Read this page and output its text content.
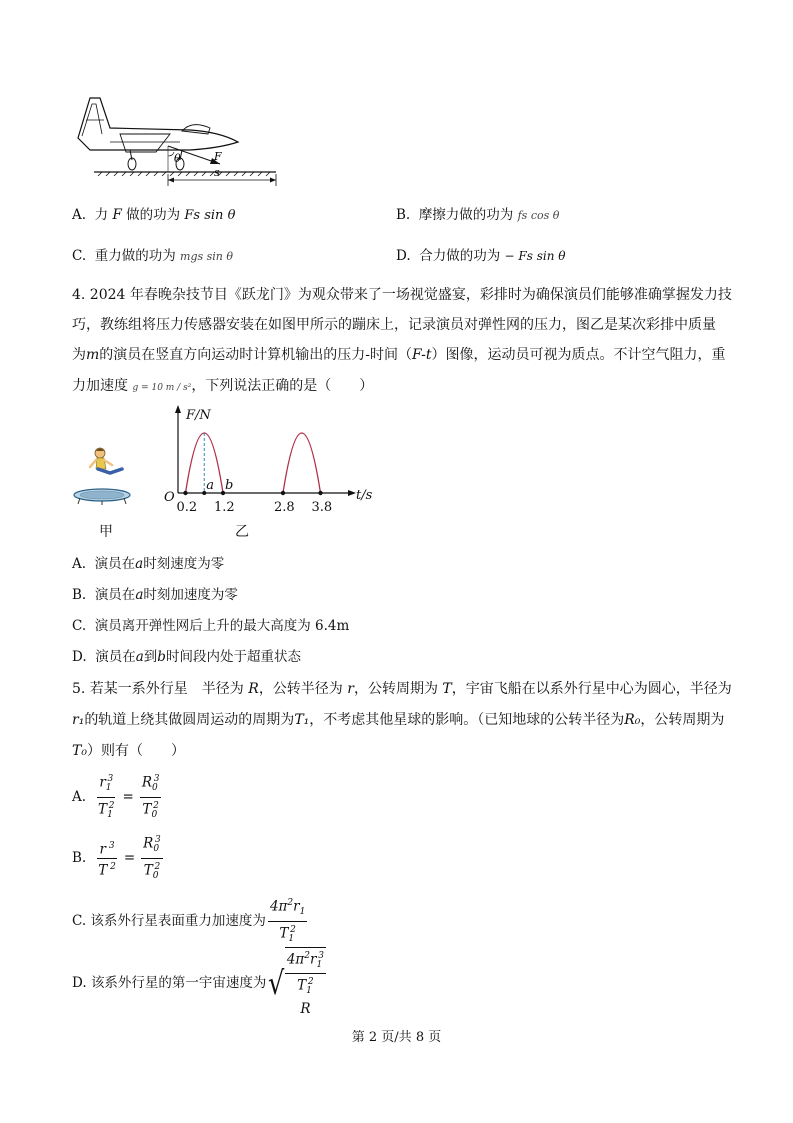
θ	F
s
A. 力 F 做的功为 Fs sin θ	B. 摩擦力做的功为 fs cos θ
C. 重力做的功为 mgs sin θ	D. 合力做的功为 − Fs sin θ
4. 2024 年春晚杂技节目《跃龙门》为观众带来了一场视觉盛宴，彩排时为确保演员们能够准确掌握发力技
巧，教练组将压力传感器安装在如图甲所示的蹦床上，记录演员对弹性网的压力，图乙是某次彩排中质量
为m的演员在竖直方向运动时计算机输出的压力-时间（F-t）图像，运动员可视为质点。不计空气阻力，重
力加速度 g = 10 m / s²，下列说法正确的是（　　）
甲
F/N
t/s
O
a b
0.2 1.2	2.8 3.8
乙
A. 演员在a时刻速度为零
B. 演员在a时刻加速度为零
C. 演员离开弹性网后上升的最大高度为 6.4m
D. 演员在a到b时间段内处于超重状态
5. 若某一系外行星　半径为 R，公转半径为 r，公转周期为 T，宇宙飞船在以系外行星中心为圆心，半径为
r₁的轨道上绕其做圆周运动的周期为T₁，不考虑其他星球的影响。（已知地球的公转半径为R₀，公转周期为
T₀）则有（　　）
A. $\frac{r_1^3}{T_1^2} = \frac{R_0^3}{T_0^2}$
B. $\frac{r ^3}{T ^2} = \frac{R_0^3}{T_0^2}$
C.
该系外行星表面重力加速度为 $\frac{4\pi^2r_1}{T_1^2}$
D.
该系外行星的第一宇宙速度为 √
$4\pi^2r_1^3$
$T_1^2$
R
第 2 页/共 8 页
